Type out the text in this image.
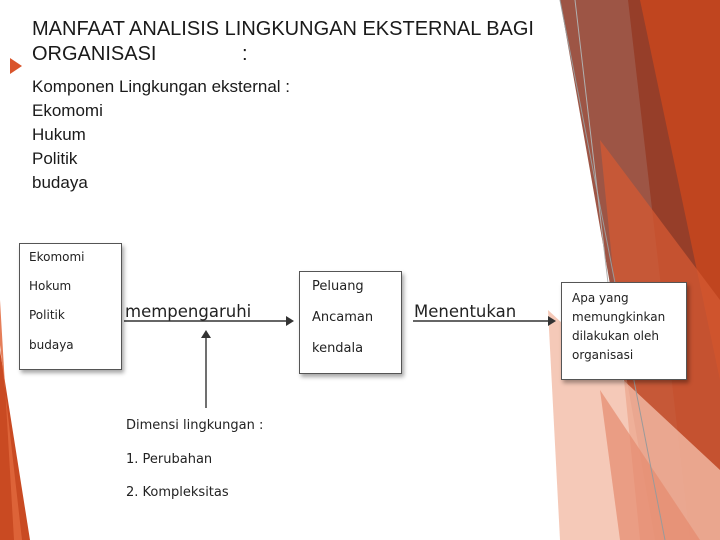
MANFAAT ANALISIS LINGKUNGAN EKSTERNAL BAGI
ORGANISASI	:
Komponen Lingkungan eksternal :
Ekomomi
Hukum
Politik
budaya
Ekomomi
Hokum
Politik
budaya
mempengaruhi
Peluang
Ancaman
kendala
Menentukan
Apa yang
memungkinkan
dilakukan oleh
organisasi
Dimensi lingkungan :
1. Perubahan
2. Kompleksitas
